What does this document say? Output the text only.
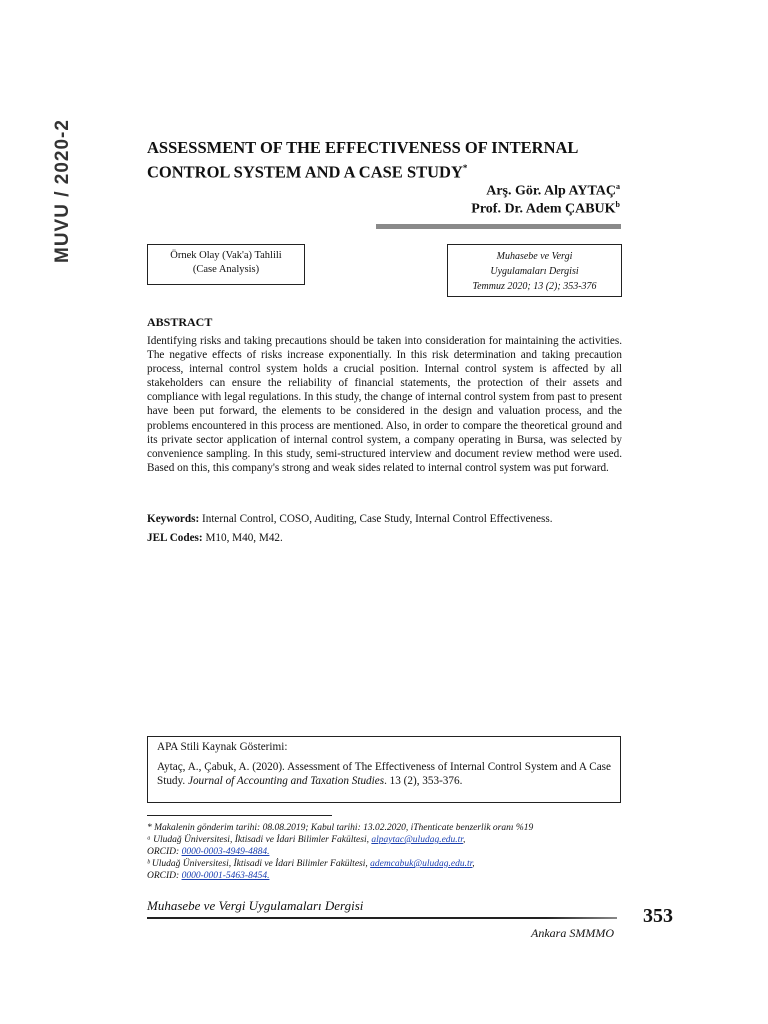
MUVU / 2020-2	ASSESSMENT OF THE EFFECTIVENESS OF INTERNAL CONTROL SYSTEM AND A CASE STUDY*
Arş. Gör. Alp AYTAÇ$^a$
Prof. Dr. Adem ÇABUK$^b$
Örnek Olay (Vak'a) Tahlili
(Case Analysis)
Muhasebe ve Vergi
Uygulamaları Dergisi
Temmuz 2020; 13 (2); 353-376
ABSTRACT

Identifying risks and taking precautions should be taken into consideration for maintaining the activities. The negative effects of risks increase exponentially. In this risk determination and taking precaution process, internal control system holds a crucial position. Internal control system is affected by all stakeholders can ensure the reliability of financial statements, the protection of their assets and compliance with legal regulations. In this study, the change of internal control system from past to present have been put forward, the elements to be considered in the design and valuation process, and the problems encountered in this process are mentioned. Also, in order to compare the theoretical ground and its private sector application of internal control system, a company operating in Bursa, was selected by convenience sampling. In this study, semi-structured interview and document review method were used. Based on this, this company's strong and weak sides related to internal control system was put forward.

Keywords: Internal Control, COSO, Auditing, Case Study, Internal Control Effectiveness.

JEL Codes: M10, M40, M42.

APA Stili Kaynak Gösterimi:

Aytaç, A., Çabuk, A. (2020). Assessment of The Effectiveness of Internal Control System and A Case Study. Journal of Accounting and Taxation Studies. 13 (2), 353-376.

* Makalenin gönderim tarihi: 08.08.2019; Kabul tarihi: 13.02.2020, iThenticate benzerlik oranı %19
ᵃ Uludağ Üniversitesi, İktisadi ve İdari Bilimler Fakültesi, alpaytac@uludag.edu.tr,
ORCID: 0000-0003-4949-4884.
ᵇ Uludağ Üniversitesi, İktisadi ve İdari Bilimler Fakültesi, ademcabuk@uludag.edu.tr,
ORCID: 0000-0001-5463-8454.
Muhasebe ve Vergi Uygulamaları Dergisi	353
Ankara SMMMO
